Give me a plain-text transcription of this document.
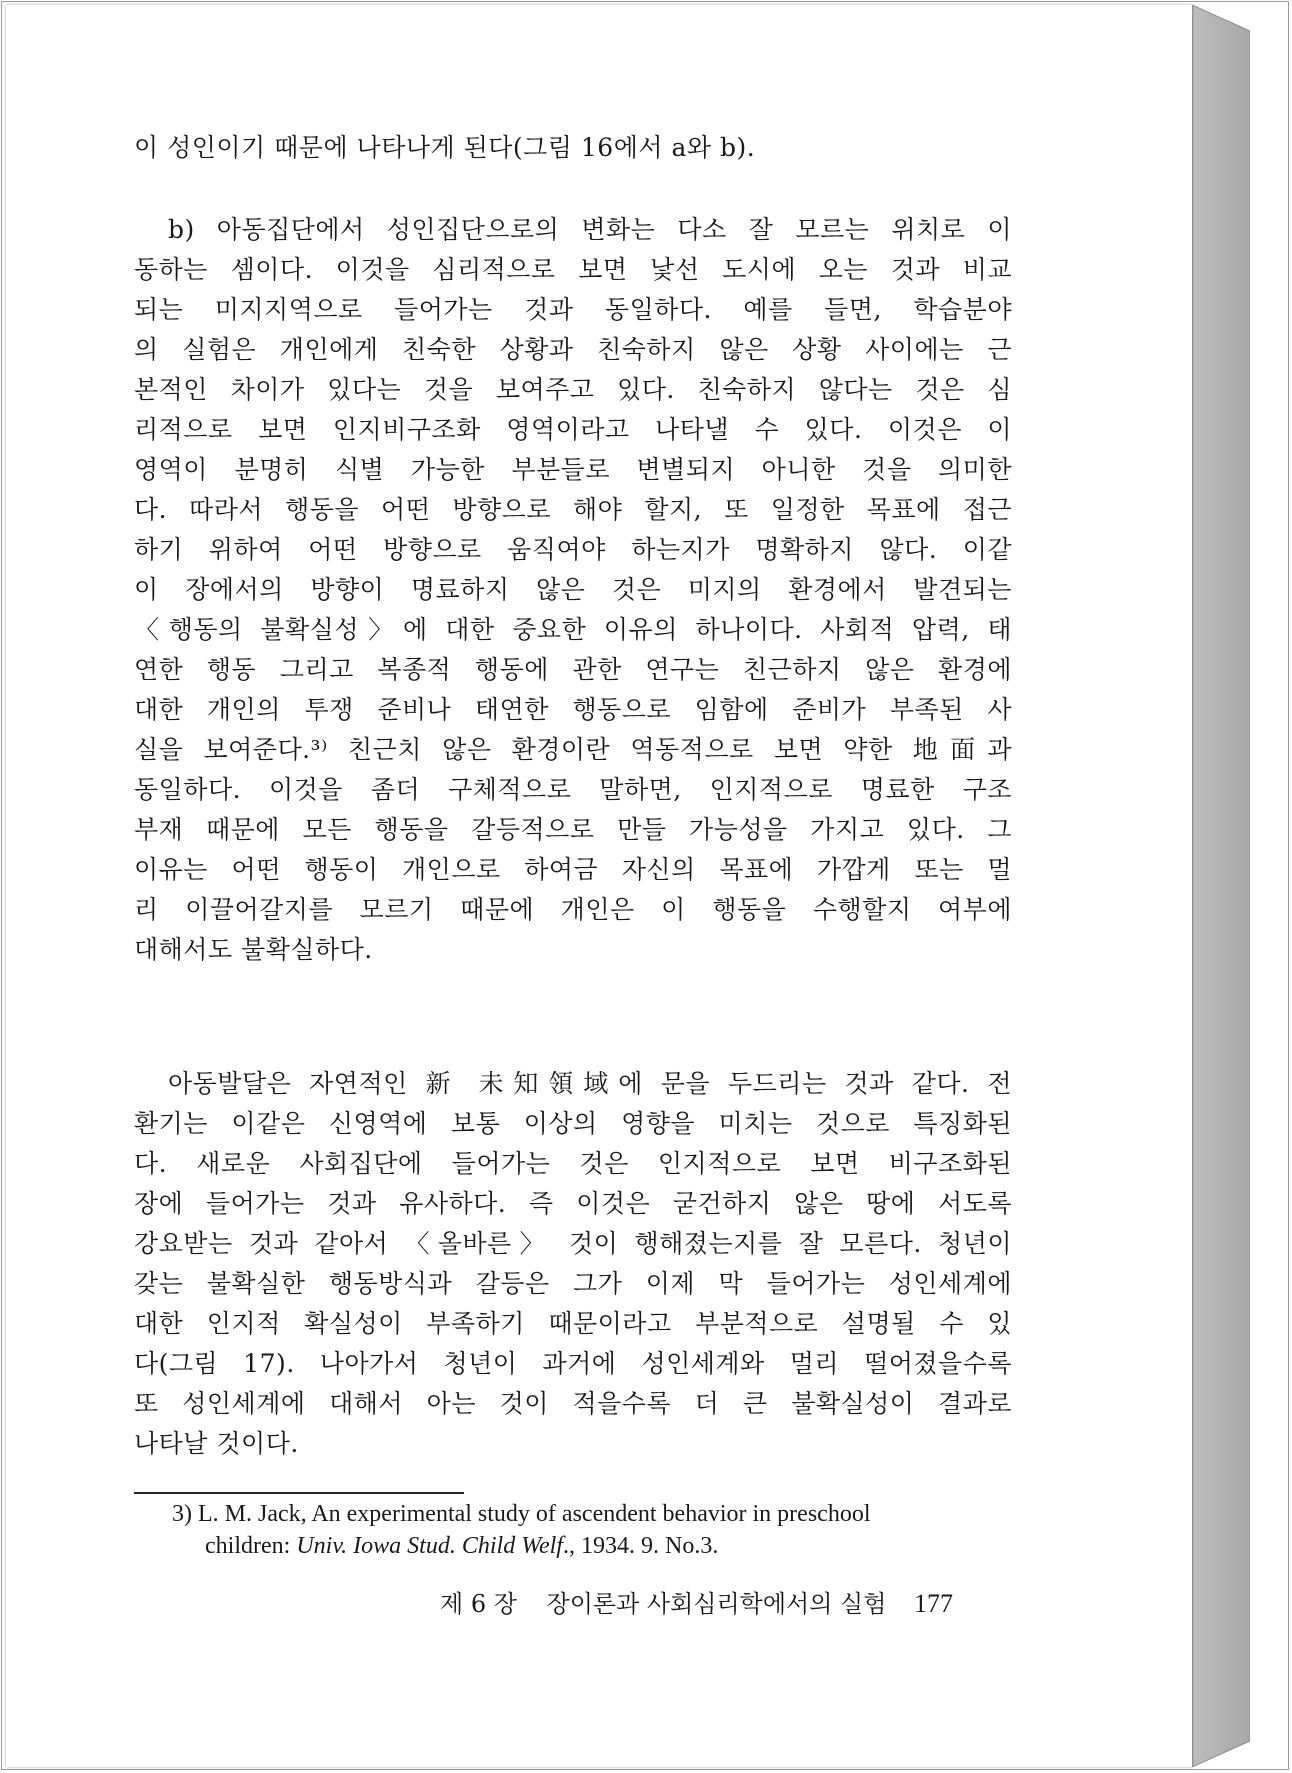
이 성인이기 때문에 나타나게 된다(그림 16에서 a와 b).
b) 아동집단에서 성인집단으로의 변화는 다소 잘 모르는 위치로 이
동하는 셈이다. 이것을 심리적으로 보면 낯선 도시에 오는 것과 비교
되는 미지지역으로 들어가는 것과 동일하다. 예를 들면, 학습분야
의 실험은 개인에게 친숙한 상황과 친숙하지 않은 상황 사이에는 근
본적인 차이가 있다는 것을 보여주고 있다. 친숙하지 않다는 것은 심
리적으로 보면 인지비구조화 영역이라고 나타낼 수 있다. 이것은 이
영역이 분명히 식별 가능한 부분들로 변별되지 아니한 것을 의미한
다. 따라서 행동을 어떤 방향으로 해야 할지, 또 일정한 목표에 접근
하기 위하여 어떤 방향으로 움직여야 하는지가 명확하지 않다. 이같
이 장에서의 방향이 명료하지 않은 것은 미지의 환경에서 발견되는
〈행동의 불확실성〉에 대한 중요한 이유의 하나이다. 사회적 압력, 태
연한 행동 그리고 복종적 행동에 관한 연구는 친근하지 않은 환경에
대한 개인의 투쟁 준비나 태연한 행동으로 임함에 준비가 부족된 사
실을 보여준다.³⁾ 친근치 않은 환경이란 역동적으로 보면 약한 地面과
동일하다. 이것을 좀더 구체적으로 말하면, 인지적으로 명료한 구조
부재 때문에 모든 행동을 갈등적으로 만들 가능성을 가지고 있다. 그
이유는 어떤 행동이 개인으로 하여금 자신의 목표에 가깝게 또는 멀
리 이끌어갈지를 모르기 때문에 개인은 이 행동을 수행할지 여부에
대해서도 불확실하다.
아동발달은 자연적인 新 未知領域에 문을 두드리는 것과 같다. 전
환기는 이같은 신영역에 보통 이상의 영향을 미치는 것으로 특징화된
다. 새로운 사회집단에 들어가는 것은 인지적으로 보면 비구조화된
장에 들어가는 것과 유사하다. 즉 이것은 굳건하지 않은 땅에 서도록
강요받는 것과 같아서 〈올바른〉 것이 행해졌는지를 잘 모른다. 청년이
갖는 불확실한 행동방식과 갈등은 그가 이제 막 들어가는 성인세계에
대한 인지적 확실성이 부족하기 때문이라고 부분적으로 설명될 수 있
다(그림 17). 나아가서 청년이 과거에 성인세계와 멀리 떨어졌을수록
또 성인세계에 대해서 아는 것이 적을수록 더 큰 불확실성이 결과로
나타날 것이다.
3) L. M. Jack, An experimental study of ascendent behavior in preschool
children: Univ. Iowa Stud. Child Welf., 1934. 9. No.3.
제 6 장 장이론과 사회심리학에서의 실험 177
